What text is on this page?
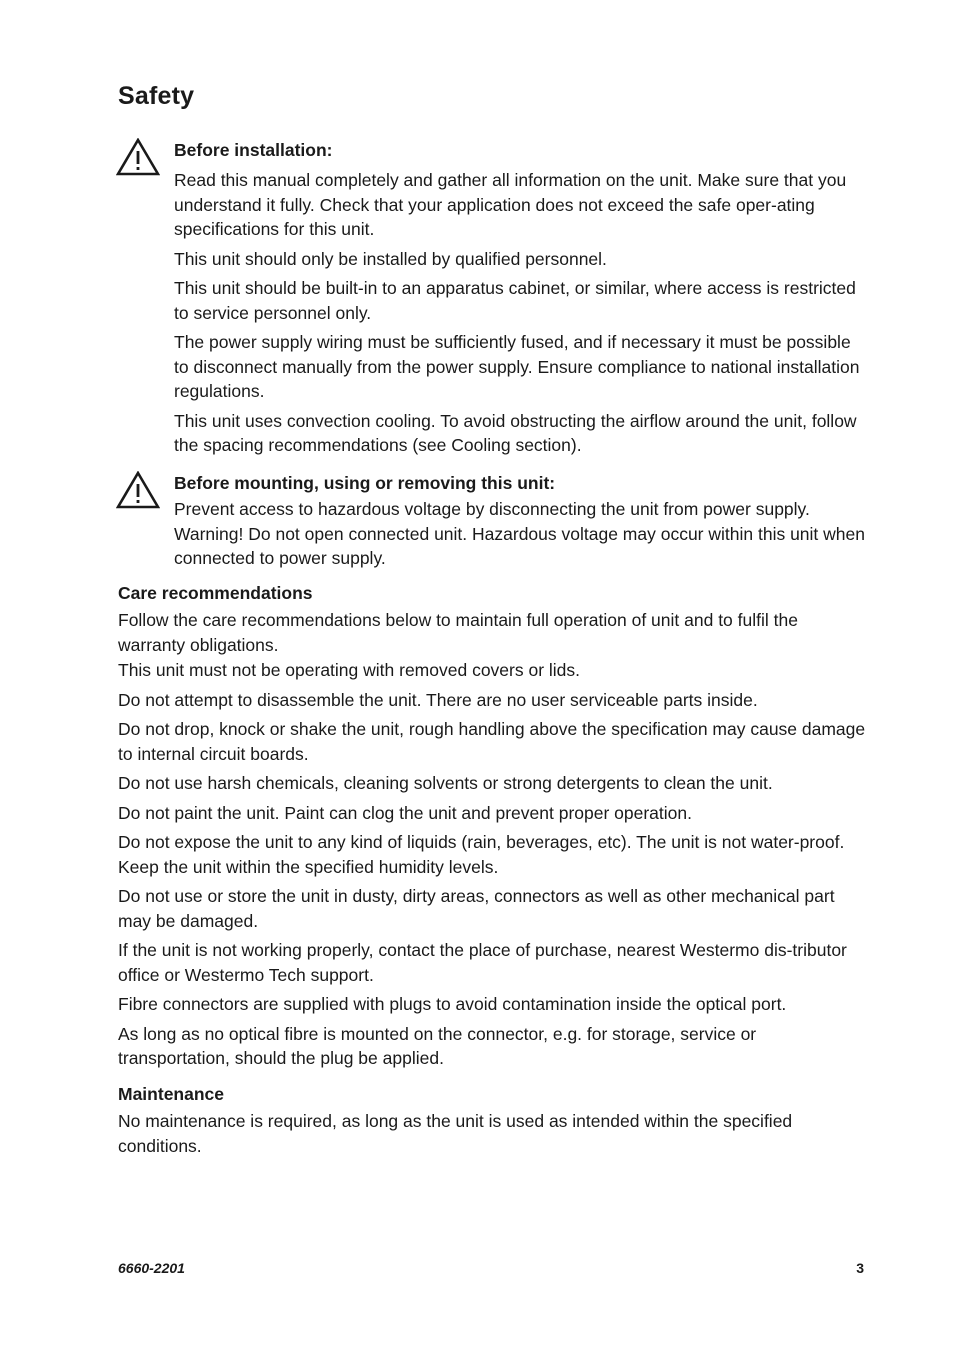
Safety

Before installation:

Read this manual completely and gather all information on the unit. Make sure that you understand it fully. Check that your application does not exceed the safe oper-ating specifications for this unit.

This unit should only be installed by qualified personnel.

This unit should be built-in to an apparatus cabinet, or similar, where access is restricted to service personnel only.

The power supply wiring must be sufficiently fused, and if necessary it must be possible to disconnect manually from the power supply. Ensure compliance to national installation regulations.

This unit uses convection cooling. To avoid obstructing the airflow around the unit, follow the spacing recommendations (see Cooling section).

Before mounting, using or removing this unit:

Prevent access to hazardous voltage by disconnecting the unit from power supply. Warning! Do not open connected unit. Hazardous voltage may occur within this unit when connected to power supply.

Care recommendations

Follow the care recommendations below to maintain full operation of unit and to fulfil the warranty obligations.

This unit must not be operating with removed covers or lids.

Do not attempt to disassemble the unit. There are no user serviceable parts inside.

Do not drop, knock or shake the unit, rough handling above the specification may cause damage to internal circuit boards.

Do not use harsh chemicals, cleaning solvents or strong detergents to clean the unit.

Do not paint the unit. Paint can clog the unit and prevent proper operation.

Do not expose the unit to any kind of liquids (rain, beverages, etc). The unit is not water-proof. Keep the unit within the specified humidity levels.

Do not use or store the unit in dusty, dirty areas, connectors as well as other mechanical part may be damaged.

If the unit is not working properly, contact the place of purchase, nearest Westermo dis-tributor office or Westermo Tech support.

Fibre connectors are supplied with plugs to avoid contamination inside the optical port.

As long as no optical fibre is mounted on the connector, e.g. for storage, service or transportation, should the plug be applied.

Maintenance

No maintenance is required, as long as the unit is used as intended within the specified conditions.

6660-2201	3
